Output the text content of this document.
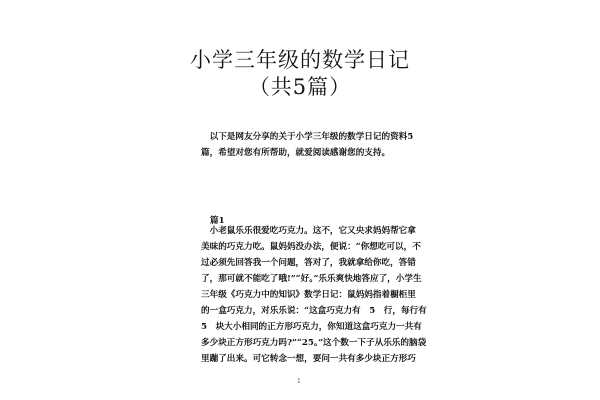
小学三年级的数学日记
（共5篇）
　以下是网友分享的关于小学三年级的数学日记的资料5
篇，希望对您有所帮助，就爱阅读感谢您的支持。
篇1
　小老鼠乐乐很爱吃巧克力。这不，它又央求妈妈帮它拿
美味的巧克力吃。鼠妈妈没办法，便说：“你想吃可以，不
过必须先回答我一个问题，答对了，我就拿给你吃，答错
了，那可就不能吃了哦!”“好。”乐乐爽快地答应了，小学生
三年级《巧克力中的知识》数学日记：鼠妈妈指着橱柜里
的一盒巧克力，对乐乐说：“这盒巧克力有　5　行，每行有
5　块大小相同的正方形巧克力，你知道这盒巧克力一共有
多少块正方形巧克力吗?”“25。”这个数一下子从乐乐的脑袋
里蹦了出来。可它转念一想，要问一共有多少块正方形巧
1
